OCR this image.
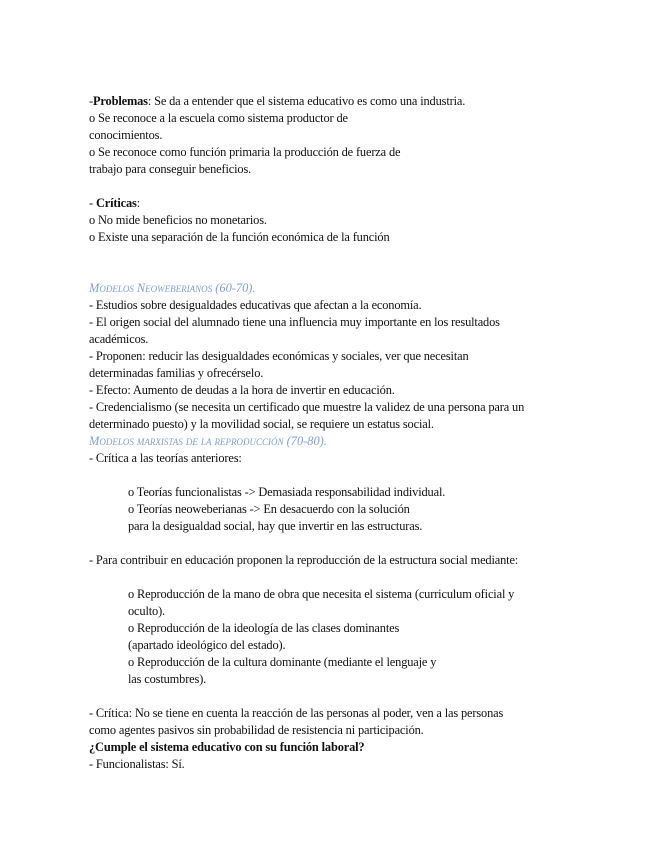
-Problemas: Se da a entender que el sistema educativo es como una industria.
o Se reconoce a la escuela como sistema productor de
conocimientos.
o Se reconoce como función primaria la producción de fuerza de
trabajo para conseguir beneficios.
- Críticas:
o No mide beneficios no monetarios.
o Existe una separación de la función económica de la función
Modelos Neoweberianos (60-70).
- Estudios sobre desigualdades educativas que afectan a la economía.
- El origen social del alumnado tiene una influencia muy importante en los resultados
académicos.
- Proponen: reducir las desigualdades económicas y sociales, ver que necesitan
determinadas familias y ofrecérselo.
- Efecto: Aumento de deudas a la hora de invertir en educación.
- Credencialismo (se necesita un certificado que muestre la validez de una persona para un
determinado puesto) y la movilidad social, se requiere un estatus social.
Modelos marxistas de la reproducción (70-80).
- Crítica a las teorías anteriores:
o Teorías funcionalistas -> Demasiada responsabilidad individual.
o Teorías neoweberianas -> En desacuerdo con la solución
para la desigualdad social, hay que invertir en las estructuras.
- Para contribuir en educación proponen la reproducción de la estructura social mediante:
o Reproducción de la mano de obra que necesita el sistema (curriculum oficial y
oculto).
o Reproducción de la ideología de las clases dominantes
(apartado ideológico del estado).
o Reproducción de la cultura dominante (mediante el lenguaje y
las costumbres).
- Crítica: No se tiene en cuenta la reacción de las personas al poder, ven a las personas
como agentes pasivos sin probabilidad de resistencia ni participación.
¿Cumple el sistema educativo con su función laboral?
- Funcionalistas: Sí.
